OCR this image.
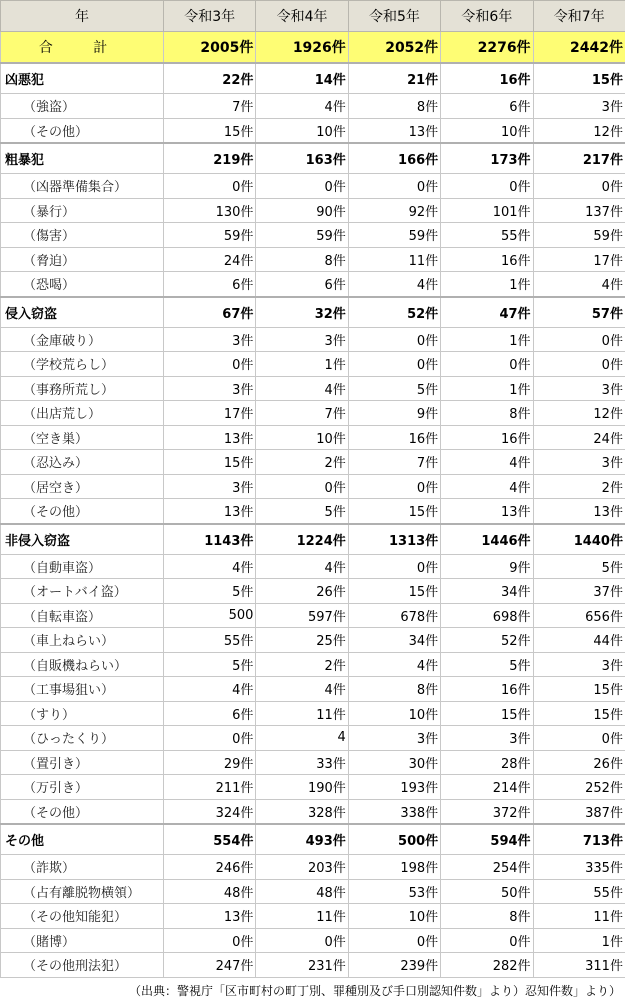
年	令和3年	令和4年	令和5年	令和6年	令和7年
合 計	2005件	1926件	2052件	2276件	2442件
凶悪犯	22件	14件	21件	16件	15件
（強盗）	7件	4件	8件	6件	3件
（その他）	15件	10件	13件	10件	12件
粗暴犯	219件	163件	166件	173件	217件
（凶器準備集合）	0件	0件	0件	0件	0件
（暴行）	130件	90件	92件	101件	137件
（傷害）	59件	59件	59件	55件	59件
（脅迫）	24件	8件	11件	16件	17件
（恐喝）	6件	6件	4件	1件	4件
侵入窃盗	67件	32件	52件	47件	57件
（金庫破り）	3件	3件	0件	1件	0件
（学校荒らし）	0件	1件	0件	0件	0件
（事務所荒し）	3件	4件	5件	1件	3件
（出店荒し）	17件	7件	9件	8件	12件
（空き巣）	13件	10件	16件	16件	24件
（忍込み）	15件	2件	7件	4件	3件
（居空き）	3件	0件	0件	4件	2件
（その他）	13件	5件	15件	13件	13件
非侵入窃盗	1143件	1224件	1313件	1446件	1440件
（自動車盗）	4件	4件	0件	9件	5件
（オートバイ盗）	5件	26件	15件	34件	37件
（自転車盗）	500	597件	678件	698件	656件
（車上ねらい）	55件	25件	34件	52件	44件
（自販機ねらい）	5件	2件	4件	5件	3件
（工事場狙い）	4件	4件	8件	16件	15件
（すり）	6件	11件	10件	15件	15件
（ひったくり）	0件	4	3件	3件	0件
（置引き）	29件	33件	30件	28件	26件
（万引き）	211件	190件	193件	214件	252件
（その他）	324件	328件	338件	372件	387件
その他	554件	493件	500件	594件	713件
（詐欺）	246件	203件	198件	254件	335件
（占有離脱物横領）	48件	48件	53件	50件	55件
（その他知能犯）	13件	11件	10件	8件	11件
（賭博）	0件	0件	0件	0件	1件
（その他刑法犯）	247件	231件	239件	282件	311件
（出典：警視庁「区市町村の町丁別、罪種別及び手口別認知件数」より）忍知件数」より）
